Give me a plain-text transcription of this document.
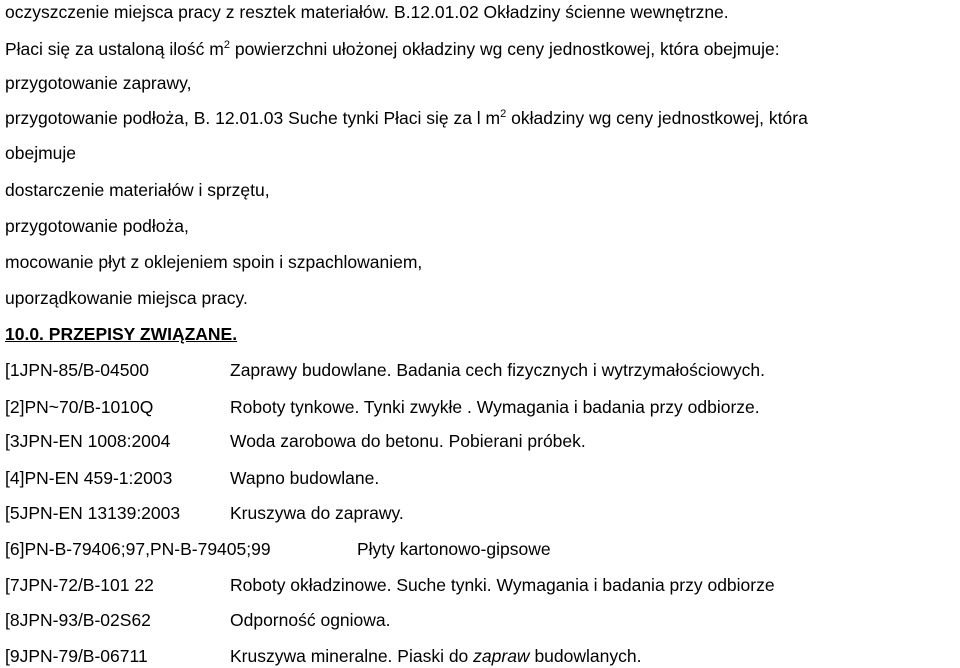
oczyszczenie miejsca pracy z resztek materiałów. B.12.01.02 Okładziny ścienne wewnętrzne.
Płaci się za ustaloną ilość $m^2$ powierzchni ułożonej okładziny wg ceny jednostkowej, która obejmuje:
przygotowanie zaprawy,
przygotowanie podłoża, B. 12.01.03 Suche tynki Płaci się za l $m^2$ okładziny wg ceny jednostkowej, która
obejmuje
dostarczenie materiałów i sprzętu,
przygotowanie podłoża,
mocowanie płyt z oklejeniem spoin i szpachlowaniem,
uporządkowanie miejsca pracy.
10.0. PRZEPISY ZWIĄZANE.
[1JPN-85/B-04500	Zaprawy budowlane. Badania cech fizycznych i wytrzymałościowych.
[2]PN~70/B-1010Q	Roboty tynkowe. Tynki zwykłe . Wymagania i badania przy odbiorze.
[3JPN-EN 1008:2004	Woda zarobowa do betonu. Pobierani próbek.
[4]PN-EN 459-1:2003	Wapno budowlane.
[5JPN-EN 13139:2003	Kruszywa do zaprawy.
[6]PN-B-79406;97,PN-B-79405;99	Płyty kartonowo-gipsowe
[7JPN-72/B-101 22	Roboty okładzinowe. Suche tynki. Wymagania i badania przy odbiorze
[8JPN-93/B-02S62	Odporność ogniowa.
[9JPN-79/B-06711	Kruszywa mineralne. Piaski do zapraw budowlanych.
